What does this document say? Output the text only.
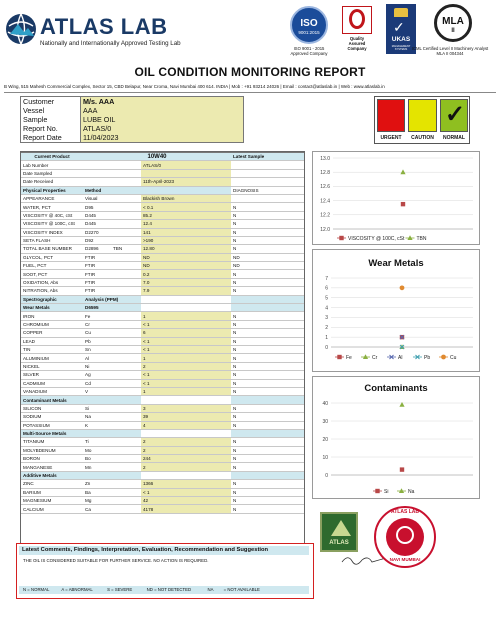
ATLAS LAB
Nationally and Internationally Approved Testing Lab
ISO
9001:2015
ISO 9001 - 2015
Approved Company
Quality
Assured
Company
✓
UKAS
MANAGEMENT SYSTEMS
MLA
II
ICML Certified Level II Machinery Analyst
MLA II 004344
OIL CONDITION MONITORING REPORT
B Wing, 515 Mahesh Commercial Complex, Sector 15, CBD Belapur, Near Croma, Navi Mumbai 400 614. INDIA | Mob : +91 93214 24026 | Email : contact@atlaslab.in | Web : www.atlaslab.in
Customer	M/s. AAA
Vessel	AAA
Sample	LUBE OIL
Report No.	ATLAS/0
Report Date	11/04/2023
✓
URGENT	CAUTION	NORMAL
Current Product	10W40			Latest Sample
Lab Number			ATLAS/0	
Date Sampled				
Date Received			11th-April-2023	
Physical Properties	Method			DIAGNOSIS
APPEARANCE	Visual		Blackish Brown	
WATER, PCT	D95		< 0.1	N
VISCOSITY @ 40C, cSt	D445		85.2	N
VISCOSITY @ 100C, cSt	D445		12.4	N
VISCOSITY INDEX	D2270		141	N
SETA FLASH	D92		>190	N
TOTAL BASE NUMBER	D2896	TBN	12.80	N
GLYCOL, PCT	FTIR		ND	ND
FUEL, PCT	FTIR		ND	ND
SOOT, PCT	FTIR		0.2	N
OXIDATION, Abs	FTIR		7.0	N
NITRATION, Abs	FTIR		7.9	N
Spectrographic	Analysis (PPM)			
Wear Metals	D6595			
IRON	Fe		1	N
CHROMIUM	Cr		< 1	N
COPPER	Cu		6	N
LEAD	Pb		< 1	N
TIN	Sn		< 1	N
ALUMINIUM	Al		1	N
NICKEL	Ni		2	N
SILVER	Ag		< 1	N
CADMIUM	Cd		< 1	N
VANADIUM	V		1	N
Contaminant Metals				
SILICON	Si		3	N
SODIUM	Na		39	N
POTASSIUM	K		4	N
Multi-Source Metals				
TITANIUM	Ti		2	N
MOLYBDENUM	Mo		2	N
BORON	Bo		244	N
MANGANESE	Mn		2	N
Additive Metals				
ZINC	Zn		1366	N
BARIUM	Ba		< 1	N
MAGNESIUM	Mg		42	N
CALCIUM	Ca		4178	N
12.0
12.2
12.4
12.6
12.8
13.0
VISCOSITY @ 100C, cSt TBN
Wear Metals
0
1
2
3
4
5
6
7
Fe	Cr	Al	Pb	Cu
Contaminants
0
10
20
30
40
Si	Na
ATLAS
ATLAS LAB
NAVI MUMBAI
Latest Comments, Findings, Interpretation, Evaluation, Recommendation and Suggestion
THE OIL IS CONSIDERED SUITABLE FOR FURTHER SERVICE. NO ACTION IS REQUIRED.
N = NORMAL	A = ABNORMAL	S = SEVERE	ND = NOT DETECTED	NA = NOT AVAILABLE
